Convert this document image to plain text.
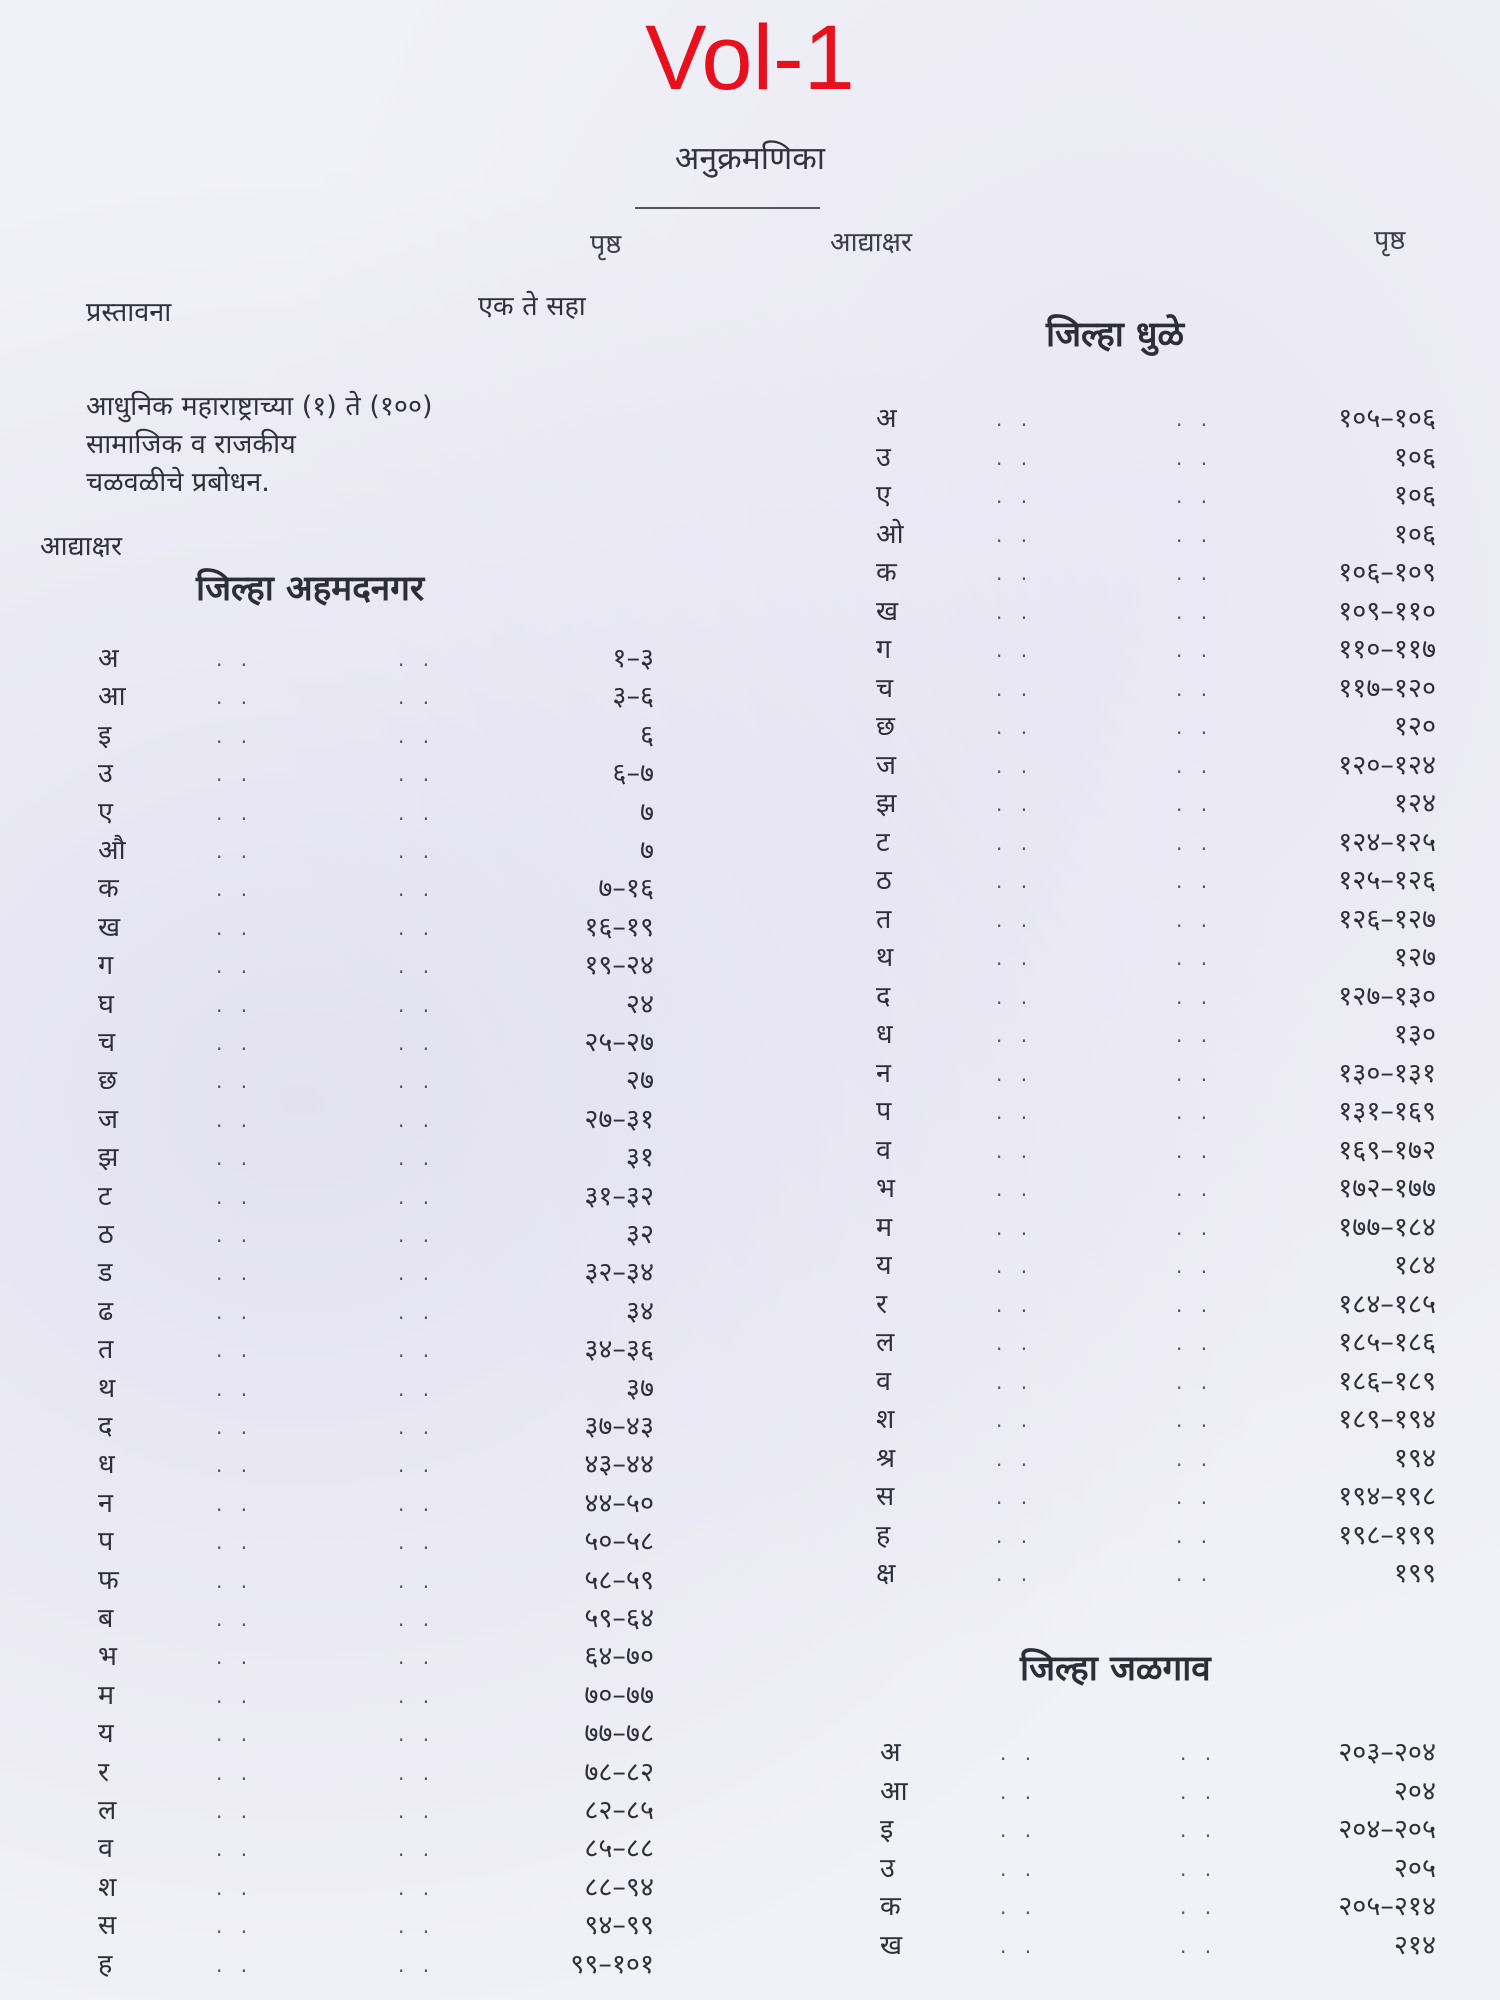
Vol-1
अनुक्रमणिका
पृष्ठ	आद्याक्षर	पृष्ठ
प्रस्तावना	एक ते सहा
आधुनिक महाराष्ट्राच्या (१) ते (१००)
सामाजिक व राजकीय
चळवळीचे प्रबोधन.
आद्याक्षर
जिल्हा अहमदनगर
जिल्हा धुळे
जिल्हा जळगाव
अ	. .	. .	१–३
आ	. .	. .	३–६
इ	. .	. .	६
उ	. .	. .	६–७
ए	. .	. .	७
औ	. .	. .	७
क	. .	. .	७–१६
ख	. .	. .	१६–१९
ग	. .	. .	१९–२४
घ	. .	. .	२४
च	. .	. .	२५–२७
छ	. .	. .	२७
ज	. .	. .	२७–३१
झ	. .	. .	३१
ट	. .	. .	३१–३२
ठ	. .	. .	३२
ड	. .	. .	३२–३४
ढ	. .	. .	३४
त	. .	. .	३४–३६
थ	. .	. .	३७
द	. .	. .	३७–४३
ध	. .	. .	४३–४४
न	. .	. .	४४–५०
प	. .	. .	५०–५८
फ	. .	. .	५८–५९
ब	. .	. .	५९–६४
भ	. .	. .	६४–७०
म	. .	. .	७०–७७
य	. .	. .	७७–७८
र	. .	. .	७८–८२
ल	. .	. .	८२–८५
व	. .	. .	८५–८८
श	. .	. .	८८–९४
स	. .	. .	९४–९९
ह	. .	. .	९९–१०१
अ	. .	. .	१०५–१०६
उ	. .	. .	१०६
ए	. .	. .	१०६
ओ	. .	. .	१०६
क	. .	. .	१०६–१०९
ख	. .	. .	१०९–११०
ग	. .	. .	११०–११७
च	. .	. .	११७–१२०
छ	. .	. .	१२०
ज	. .	. .	१२०–१२४
झ	. .	. .	१२४
ट	. .	. .	१२४–१२५
ठ	. .	. .	१२५–१२६
त	. .	. .	१२६–१२७
थ	. .	. .	१२७
द	. .	. .	१२७–१३०
ध	. .	. .	१३०
न	. .	. .	१३०–१३१
प	. .	. .	१३१–१६९
व	. .	. .	१६९–१७२
भ	. .	. .	१७२–१७७
म	. .	. .	१७७–१८४
य	. .	. .	१८४
र	. .	. .	१८४–१८५
ल	. .	. .	१८५–१८६
व	. .	. .	१८६–१८९
श	. .	. .	१८९–१९४
श्र	. .	. .	१९४
स	. .	. .	१९४–१९८
ह	. .	. .	१९८–१९९
क्ष	. .	. .	१९९
अ	. .	. .	२०३–२०४
आ	. .	. .	२०४
इ	. .	. .	२०४–२०५
उ	. .	. .	२०५
क	. .	. .	२०५–२१४
ख	. .	. .	२१४
